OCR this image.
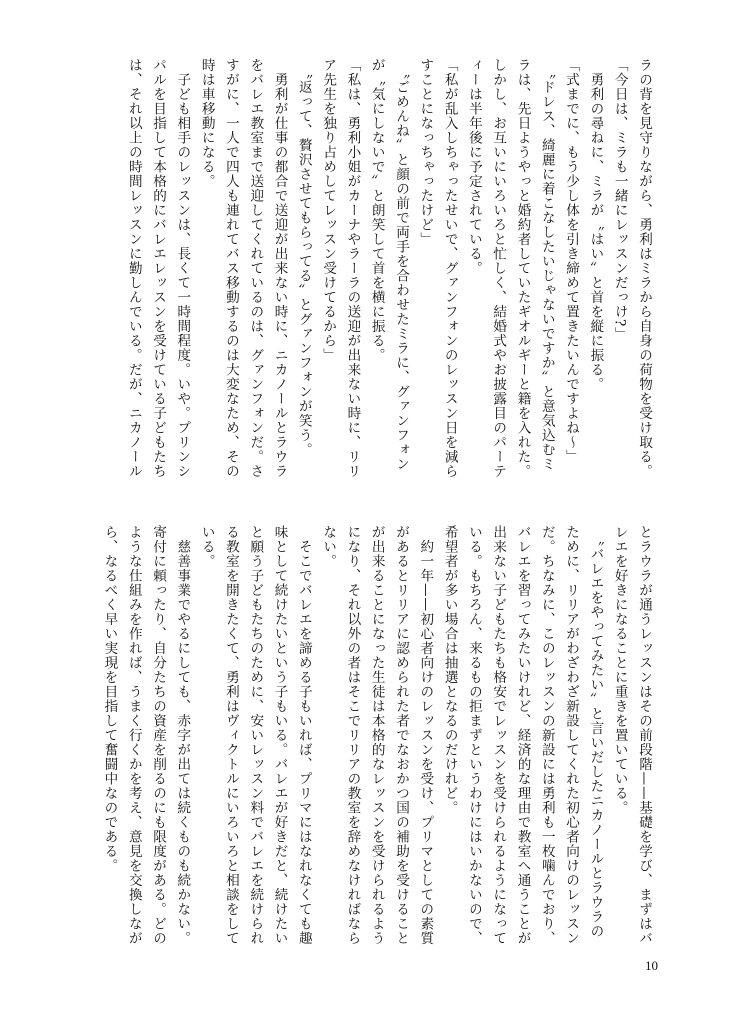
ラの背を見守りながら、勇利はミラから自身の荷物を受け取る。
「今日は、ミラも一緒にレッスンだっけ?」
　勇利の尋ねに、ミラが〝はい〟と首を縦に振る。
「式までに、もう少し体を引き締めて置きたいんですよね〜」
　〝ドレス、綺麗に着こなしたいじゃないですか〟と意気込むミ
ラは、先日ようやっと婚約者していたギオルギーと籍を入れた。
しかし、お互いにいろいろと忙しく、結婚式やお披露目のパーテ
ィーは半年後に予定されている。
「私が乱入しちゃったせいで、グァンフォンのレッスン日を減ら
すことになっちゃったけど」
　〝ごめんね〟と顔の前で両手を合わせたミラに、グァンフォン
が〝気にしないで〟と朗笑して首を横に振る。
「私は、勇利小姐がカーナやラーラの送迎が出来ない時に、リリ
ア先生を独り占めしてレッスン受けてるから」
　〝返って、贅沢させてもらってる〟とグァンフォンが笑う。
　勇利が仕事の都合で送迎が出来ない時に、ニカノールとラウラ
をバレエ教室まで送迎してくれているのは、グァンフォンだ。さ
すがに、一人で四人も連れてバス移動するのは大変なため、その
時は車移動になる。
　子ども相手のレッスンは、長くて一時間程度。いや。プリンシ
パルを目指して本格的にバレエレッスンを受けている子どもたち
は、それ以上の時間レッスンに勤しんでいる。だが、ニカノール
とラウラが通うレッスンはその前段階——基礎を学び、まずはバ
レエを好きになることに重きを置いている。
　〝バレエをやってみたい〟と言いだしたニカノールとラウラの
ために、リリアがわざわざ新設してくれた初心者向けのレッスン
だ。ちなみに、このレッスンの新設には勇利も一枚噛んでおり、
バレエを習ってみたいけれど、経済的な理由で教室へ通うことが
出来ない子どもたちも格安でレッスンを受けられるようになって
いる。もちろん、来るもの拒まずというわけにはいかないので、
希望者が多い場合は抽選となるのだけれど。
　約一年——初心者向けのレッスンを受け、プリマとしての素質
があるとリリアに認められた者でなおかつ国の補助を受けること
が出来ることになった生徒は本格的なレッスンを受けられるよう
になり、それ以外の者はそこでリリアの教室を辞めなければなら
ない。
　そこでバレエを諦める子もいれば、プリマにはなれなくても趣
味として続けたいという子もいる。バレエが好きだと、続けたい
と願う子どもたちのために、安いレッスン料でバレエを続けられ
る教室を開きたくて、勇利はヴィクトルにいろいろと相談をして
いる。
　慈善事業でやるにしても、赤字が出ては続くものも続かない。
寄付に頼ったり、自分たちの資産を削るのにも限度がある。どの
ような仕組みを作れば、うまく行くかを考え、意見を交換しなが
ら、なるべく早い実現を目指して奮闘中なのである。
10
